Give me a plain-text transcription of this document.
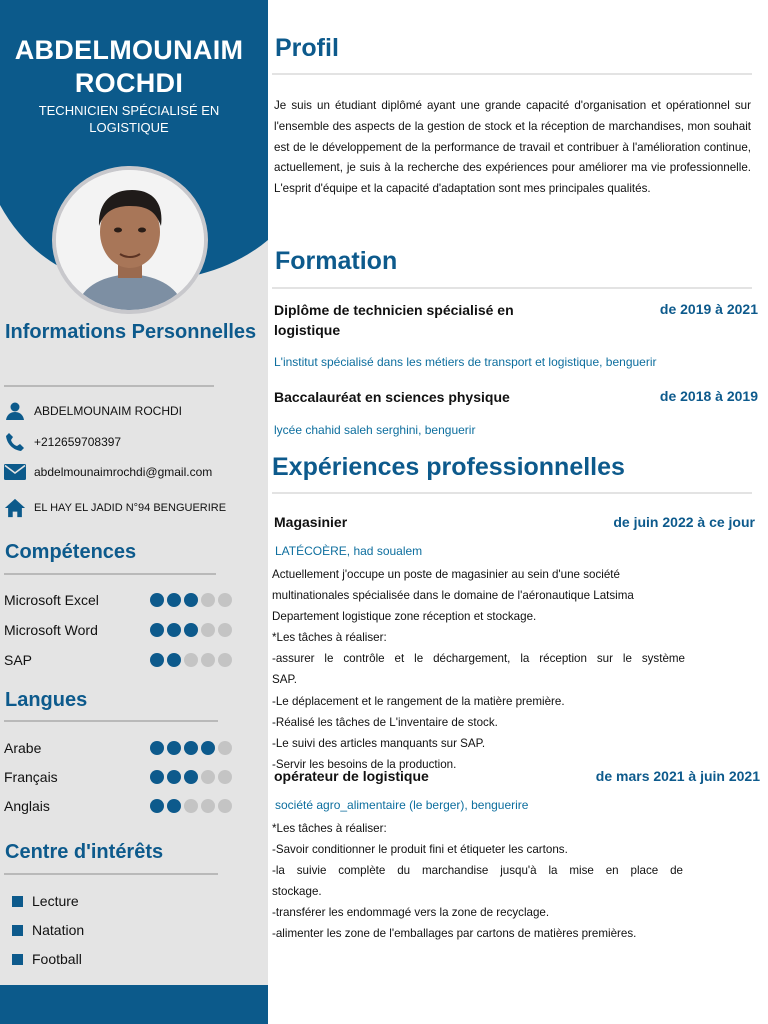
ABDELMOUNAIM ROCHDI
TECHNICIEN SPÉCIALISÉ EN LOGISTIQUE
Informations Personnelles
ABDELMOUNAIM ROCHDI
+212659708397
abdelmounaimrochdi@gmail.com
EL HAY EL JADID N°94 BENGUERIRE
Compétences
Microsoft Excel
Microsoft Word
SAP
Langues
Arabe
Français
Anglais
Centre d'intérêts
Lecture
Natation
Football
Profil

Je suis un étudiant diplômé ayant une grande capacité d'organisation et opérationnel sur l'ensemble des aspects de la gestion de stock et la réception de marchandises, mon souhait est de le développement de la performance de travail et contribuer à l'amélioration continue, actuellement, je suis à la recherche des expériences pour améliorer ma vie professionnelle. L'esprit d'équipe et la capacité d'adaptation sont mes principales qualités.

Formation
Diplôme de technicien spécialisé en logistique
de 2019 à 2021
L'institut spécialisé dans les métiers de transport et logistique, benguerir
Baccalauréat en sciences physique	de 2018 à 2019
lycée chahid saleh serghini, benguerir
Expériences professionnelles
Magasinier	de juin 2022 à ce jour
LATÉCOÈRE, had soualem
Actuellement j'occupe un poste de magasinier au sein d'une société
multinationales spécialisée dans le domaine de l'aéronautique Latsima
Departement logistique zone réception et stockage.
*Les tâches à réaliser:
-assurer le contrôle et le déchargement, la réception sur le système
SAP.
-Le déplacement et le rangement de la matière première.
-Réalisé les tâches de L'inventaire de stock.
-Le suivi des articles manquants sur SAP.
-Servir les besoins de la production.
opérateur de logistique	de mars 2021 à juin 2021
société agro_alimentaire (le berger), benguerire
*Les tâches à réaliser:
-Savoir conditionner le produit fini et étiqueter les cartons.
-la suivie complète du marchandise jusqu'à la mise en place de
stockage.
-transférer les endommagé vers la zone de recyclage.
-alimenter les zone de l'emballages par cartons de matières premières.
